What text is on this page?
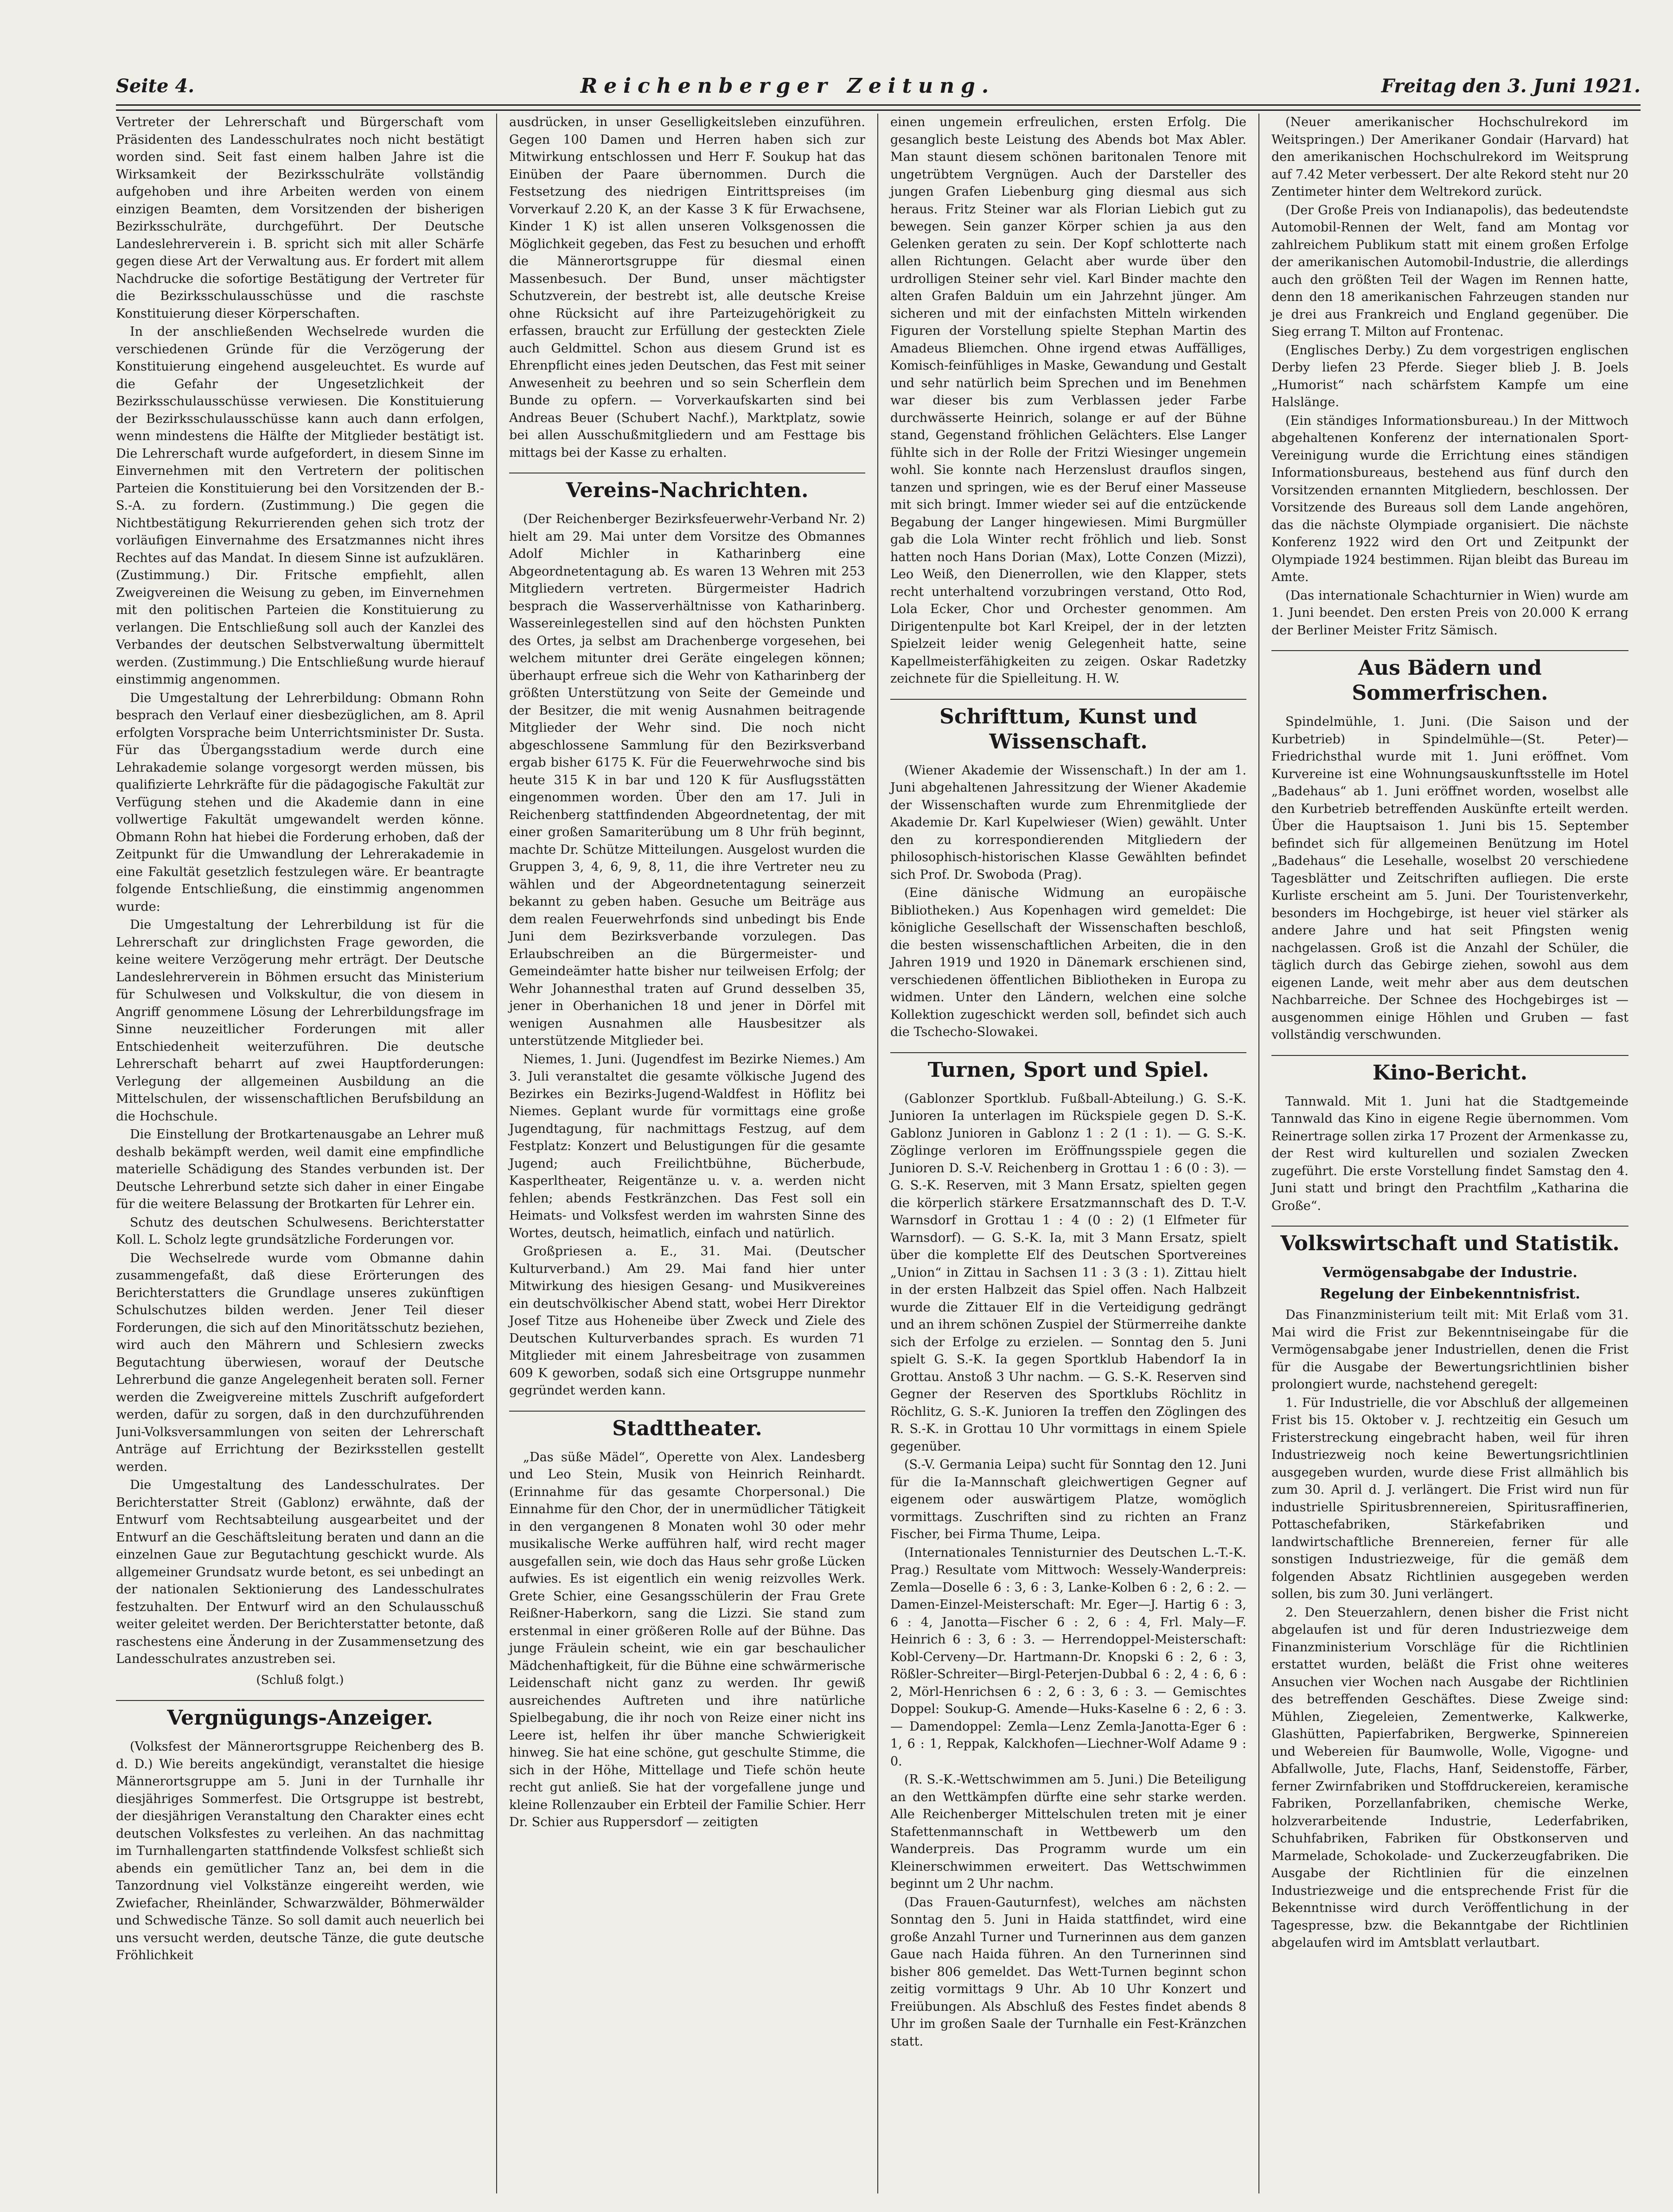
Seite 4.	Reichenberger Zeitung.	Freitag den 3. Juni 1921.

Vertreter der Lehrerschaft und Bürgerschaft vom Präsidenten des Landesschulrates noch nicht bestätigt worden sind. Seit fast einem halben Jahre ist die Wirksamkeit der Bezirksschulräte vollständig aufgehoben und ihre Arbeiten werden von einem einzigen Beamten, dem Vorsitzenden der bisherigen Bezirksschulräte, durchgeführt. Der Deutsche Landeslehrerverein i. B. spricht sich mit aller Schärfe gegen diese Art der Verwaltung aus. Er fordert mit allem Nachdrucke die sofortige Bestätigung der Vertreter für die Bezirksschulausschüsse und die raschste Konstituierung dieser Körperschaften.

In der anschließenden Wechselrede wurden die verschiedenen Gründe für die Verzögerung der Konstituierung eingehend ausgeleuchtet. Es wurde auf die Gefahr der Ungesetzlichkeit der Bezirksschulausschüsse verwiesen. Die Konstituierung der Bezirksschulausschüsse kann auch dann erfolgen, wenn mindestens die Hälfte der Mitglieder bestätigt ist. Die Lehrerschaft wurde aufgefordert, in diesem Sinne im Einvernehmen mit den Vertretern der politischen Parteien die Konstituierung bei den Vorsitzenden der B.-S.-A. zu fordern. (Zustimmung.) Die gegen die Nichtbestätigung Rekurrierenden gehen sich trotz der vorläufigen Einvernahme des Ersatzmannes nicht ihres Rechtes auf das Mandat. In diesem Sinne ist aufzuklären. (Zustimmung.) Dir. Fritsche empfiehlt, allen Zweigvereinen die Weisung zu geben, im Einvernehmen mit den politischen Parteien die Konstituierung zu verlangen. Die Entschließung soll auch der Kanzlei des Verbandes der deutschen Selbstverwaltung übermittelt werden. (Zustimmung.) Die Entschließung wurde hierauf einstimmig angenommen.

Die Umgestaltung der Lehrerbildung: Obmann Rohn besprach den Verlauf einer diesbezüglichen, am 8. April erfolgten Vorsprache beim Unterrichtsminister Dr. Susta. Für das Übergangsstadium werde durch eine Lehrakademie solange vorgesorgt werden müssen, bis qualifizierte Lehrkräfte für die pädagogische Fakultät zur Verfügung stehen und die Akademie dann in eine vollwertige Fakultät umgewandelt werden könne. Obmann Rohn hat hiebei die Forderung erhoben, daß der Zeitpunkt für die Umwandlung der Lehrerakademie in eine Fakultät gesetzlich festzulegen wäre. Er beantragte folgende Entschließung, die einstimmig angenommen wurde:

Die Umgestaltung der Lehrerbildung ist für die Lehrerschaft zur dringlichsten Frage geworden, die keine weitere Verzögerung mehr erträgt. Der Deutsche Landeslehrerverein in Böhmen ersucht das Ministerium für Schulwesen und Volkskultur, die von diesem in Angriff genommene Lösung der Lehrerbildungsfrage im Sinne neuzeitlicher Forderungen mit aller Entschiedenheit weiterzuführen. Die deutsche Lehrerschaft beharrt auf zwei Hauptforderungen: Verlegung der allgemeinen Ausbildung an die Mittelschulen, der wissenschaftlichen Berufsbildung an die Hochschule.

Die Einstellung der Brotkartenausgabe an Lehrer muß deshalb bekämpft werden, weil damit eine empfindliche materielle Schädigung des Standes verbunden ist. Der Deutsche Lehrerbund setzte sich daher in einer Eingabe für die weitere Belassung der Brotkarten für Lehrer ein.

Schutz des deutschen Schulwesens. Berichterstatter Koll. L. Scholz legte grundsätzliche Forderungen vor.

Die Wechselrede wurde vom Obmanne dahin zusammengefaßt, daß diese Erörterungen des Berichterstatters die Grundlage unseres zukünftigen Schulschutzes bilden werden. Jener Teil dieser Forderungen, die sich auf den Minoritätsschutz beziehen, wird auch den Mährern und Schlesiern zwecks Begutachtung überwiesen, worauf der Deutsche Lehrerbund die ganze Angelegenheit beraten soll. Ferner werden die Zweigvereine mittels Zuschrift aufgefordert werden, dafür zu sorgen, daß in den durchzuführenden Juni-Volksversammlungen von seiten der Lehrerschaft Anträge auf Errichtung der Bezirksstellen gestellt werden.

Die Umgestaltung des Landesschulrates. Der Berichterstatter Streit (Gablonz) erwähnte, daß der Entwurf vom Rechtsabteilung ausgearbeitet und der Entwurf an die Geschäftsleitung beraten und dann an die einzelnen Gaue zur Begutachtung geschickt wurde. Als allgemeiner Grundsatz wurde betont, es sei unbedingt an der nationalen Sektionierung des Landesschulrates festzuhalten. Der Entwurf wird an den Schulausschuß weiter geleitet werden. Der Berichterstatter betonte, daß raschestens eine Änderung in der Zusammensetzung des Landesschulrates anzustreben sei.

(Schluß folgt.)
Vergnügungs-Anzeiger.

(Volksfest der Männerortsgruppe Reichenberg des B. d. D.) Wie bereits angekündigt, veranstaltet die hiesige Männerortsgruppe am 5. Juni in der Turnhalle ihr diesjähriges Sommerfest. Die Ortsgruppe ist bestrebt, der diesjährigen Veranstaltung den Charakter eines echt deutschen Volksfestes zu verleihen. An das nachmittag im Turnhallengarten stattfindende Volksfest schließt sich abends ein gemütlicher Tanz an, bei dem in die Tanzordnung viel Volkstänze eingereiht werden, wie Zwiefacher, Rheinländer, Schwarzwälder, Böhmerwälder und Schwedische Tänze. So soll damit auch neuerlich bei uns versucht werden, deutsche Tänze, die gute deutsche Fröhlichkeit

ausdrücken, in unser Geselligkeitsleben einzuführen. Gegen 100 Damen und Herren haben sich zur Mitwirkung entschlossen und Herr F. Soukup hat das Einüben der Paare übernommen. Durch die Festsetzung des niedrigen Eintrittspreises (im Vorverkauf 2.20 K, an der Kasse 3 K für Erwachsene, Kinder 1 K) ist allen unseren Volksgenossen die Möglichkeit gegeben, das Fest zu besuchen und erhofft die Männerortsgruppe für diesmal einen Massenbesuch. Der Bund, unser mächtigster Schutzverein, der bestrebt ist, alle deutsche Kreise ohne Rücksicht auf ihre Parteizugehörigkeit zu erfassen, braucht zur Erfüllung der gesteckten Ziele auch Geldmittel. Schon aus diesem Grund ist es Ehrenpflicht eines jeden Deutschen, das Fest mit seiner Anwesenheit zu beehren und so sein Scherflein dem Bunde zu opfern. — Vorverkaufskarten sind bei Andreas Beuer (Schubert Nachf.), Marktplatz, sowie bei allen Ausschußmitgliedern und am Festtage bis mittags bei der Kasse zu erhalten.

Vereins-Nachrichten.

(Der Reichenberger Bezirksfeuerwehr-Verband Nr. 2) hielt am 29. Mai unter dem Vorsitze des Obmannes Adolf Michler in Katharinberg eine Abgeordnetentagung ab. Es waren 13 Wehren mit 253 Mitgliedern vertreten. Bürgermeister Hadrich besprach die Wasserverhältnisse von Katharinberg. Wassereinlegestellen sind auf den höchsten Punkten des Ortes, ja selbst am Drachenberge vorgesehen, bei welchem mitunter drei Geräte eingelegen können; überhaupt erfreue sich die Wehr von Katharinberg der größten Unterstützung von Seite der Gemeinde und der Besitzer, die mit wenig Ausnahmen beitragende Mitglieder der Wehr sind. Die noch nicht abgeschlossene Sammlung für den Bezirksverband ergab bisher 6175 K. Für die Feuerwehrwoche sind bis heute 315 K in bar und 120 K für Ausflugsstätten eingenommen worden. Über den am 17. Juli in Reichenberg stattfindenden Abgeordnetentag, der mit einer großen Samariterübung um 8 Uhr früh beginnt, machte Dr. Schütze Mitteilungen. Ausgelost wurden die Gruppen 3, 4, 6, 9, 8, 11, die ihre Vertreter neu zu wählen und der Abgeordnetentagung seinerzeit bekannt zu geben haben. Gesuche um Beiträge aus dem realen Feuerwehrfonds sind unbedingt bis Ende Juni dem Bezirksverbande vorzulegen. Das Erlaubschreiben an die Bürgermeister- und Gemeindeämter hatte bisher nur teilweisen Erfolg; der Wehr Johannesthal traten auf Grund desselben 35, jener in Oberhanichen 18 und jener in Dörfel mit wenigen Ausnahmen alle Hausbesitzer als unterstützende Mitglieder bei.

Niemes, 1. Juni. (Jugendfest im Bezirke Niemes.) Am 3. Juli veranstaltet die gesamte völkische Jugend des Bezirkes ein Bezirks-Jugend-Waldfest in Höflitz bei Niemes. Geplant wurde für vormittags eine große Jugendtagung, für nachmittags Festzug, auf dem Festplatz: Konzert und Belustigungen für die gesamte Jugend; auch Freilichtbühne, Bücherbude, Kasperltheater, Reigentänze u. v. a. werden nicht fehlen; abends Festkränzchen. Das Fest soll ein Heimats- und Volksfest werden im wahrsten Sinne des Wortes, deutsch, heimatlich, einfach und natürlich.

Großpriesen a. E., 31. Mai. (Deutscher Kulturverband.) Am 29. Mai fand hier unter Mitwirkung des hiesigen Gesang- und Musikvereines ein deutschvölkischer Abend statt, wobei Herr Direktor Josef Titze aus Hoheneibe über Zweck und Ziele des Deutschen Kulturverbandes sprach. Es wurden 71 Mitglieder mit einem Jahresbeitrage von zusammen 609 K geworben, sodaß sich eine Ortsgruppe nunmehr gegründet werden kann.

Stadttheater.

„Das süße Mädel“, Operette von Alex. Landesberg und Leo Stein, Musik von Heinrich Reinhardt. (Erinnahme für das gesamte Chorpersonal.) Die Einnahme für den Chor, der in unermüdlicher Tätigkeit in den vergangenen 8 Monaten wohl 30 oder mehr musikalische Werke aufführen half, wird recht mager ausgefallen sein, wie doch das Haus sehr große Lücken aufwies. Es ist eigentlich ein wenig reizvolles Werk. Grete Schier, eine Gesangsschülerin der Frau Grete Reißner-Haberkorn, sang die Lizzi. Sie stand zum erstenmal in einer größeren Rolle auf der Bühne. Das junge Fräulein scheint, wie ein gar beschaulicher Mädchenhaftigkeit, für die Bühne eine schwärmerische Leidenschaft nicht ganz zu werden. Ihr gewiß ausreichendes Auftreten und ihre natürliche Spielbegabung, die ihr noch von Reize einer nicht ins Leere ist, helfen ihr über manche Schwierigkeit hinweg. Sie hat eine schöne, gut geschulte Stimme, die sich in der Höhe, Mittellage und Tiefe schön heute recht gut anließ. Sie hat der vorgefallene junge und kleine Rollenzauber ein Erbteil der Familie Schier. Herr Dr. Schier aus Ruppersdorf — zeitigten

einen ungemein erfreulichen, ersten Erfolg. Die gesanglich beste Leistung des Abends bot Max Abler. Man staunt diesem schönen baritonalen Tenore mit ungetrübtem Vergnügen. Auch der Darsteller des jungen Grafen Liebenburg ging diesmal aus sich heraus. Fritz Steiner war als Florian Liebich gut zu bewegen. Sein ganzer Körper schien ja aus den Gelenken geraten zu sein. Der Kopf schlotterte nach allen Richtungen. Gelacht aber wurde über den urdrolligen Steiner sehr viel. Karl Binder machte den alten Grafen Balduin um ein Jahrzehnt jünger. Am sicheren und mit der einfachsten Mitteln wirkenden Figuren der Vorstellung spielte Stephan Martin des Amadeus Bliemchen. Ohne irgend etwas Auffälliges, Komisch-feinfühliges in Maske, Gewandung und Gestalt und sehr natürlich beim Sprechen und im Benehmen war dieser bis zum Verblassen jeder Farbe durchwässerte Heinrich, solange er auf der Bühne stand, Gegenstand fröhlichen Gelächters. Else Langer fühlte sich in der Rolle der Fritzi Wiesinger ungemein wohl. Sie konnte nach Herzenslust drauflos singen, tanzen und springen, wie es der Beruf einer Masseuse mit sich bringt. Immer wieder sei auf die entzückende Begabung der Langer hingewiesen. Mimi Burgmüller gab die Lola Winter recht fröhlich und lieb. Sonst hatten noch Hans Dorian (Max), Lotte Conzen (Mizzi), Leo Weiß, den Dienerrollen, wie den Klapper, stets recht unterhaltend vorzubringen verstand, Otto Rod, Lola Ecker, Chor und Orchester genommen. Am Dirigentenpulte bot Karl Kreipel, der in der letzten Spielzeit leider wenig Gelegenheit hatte, seine Kapellmeisterfähigkeiten zu zeigen. Oskar Radetzky zeichnete für die Spielleitung. H. W.

Schrifttum, Kunst und Wissenschaft.

(Wiener Akademie der Wissenschaft.) In der am 1. Juni abgehaltenen Jahressitzung der Wiener Akademie der Wissenschaften wurde zum Ehrenmitgliede der Akademie Dr. Karl Kupelwieser (Wien) gewählt. Unter den zu korrespondierenden Mitgliedern der philosophisch-historischen Klasse Gewählten befindet sich Prof. Dr. Swoboda (Prag).

(Eine dänische Widmung an europäische Bibliotheken.) Aus Kopenhagen wird gemeldet: Die königliche Gesellschaft der Wissenschaften beschloß, die besten wissenschaftlichen Arbeiten, die in den Jahren 1919 und 1920 in Dänemark erschienen sind, verschiedenen öffentlichen Bibliotheken in Europa zu widmen. Unter den Ländern, welchen eine solche Kollektion zugeschickt werden soll, befindet sich auch die Tschecho-Slowakei.

Turnen, Sport und Spiel.

(Gablonzer Sportklub. Fußball-Abteilung.) G. S.-K. Junioren Ia unterlagen im Rückspiele gegen D. S.-K. Gablonz Junioren in Gablonz 1 : 2 (1 : 1). — G. S.-K. Zöglinge verloren im Eröffnungsspiele gegen die Junioren D. S.-V. Reichenberg in Grottau 1 : 6 (0 : 3). — G. S.-K. Reserven, mit 3 Mann Ersatz, spielten gegen die körperlich stärkere Ersatzmannschaft des D. T.-V. Warnsdorf in Grottau 1 : 4 (0 : 2) (1 Elfmeter für Warnsdorf). — G. S.-K. Ia, mit 3 Mann Ersatz, spielt über die komplette Elf des Deutschen Sportvereines „Union“ in Zittau in Sachsen 11 : 3 (3 : 1). Zittau hielt in der ersten Halbzeit das Spiel offen. Nach Halbzeit wurde die Zittauer Elf in die Verteidigung gedrängt und an ihrem schönen Zuspiel der Stürmerreihe dankte sich der Erfolge zu erzielen. — Sonntag den 5. Juni spielt G. S.-K. Ia gegen Sportklub Habendorf Ia in Grottau. Anstoß 3 Uhr nachm. — G. S.-K. Reserven sind Gegner der Reserven des Sportklubs Röchlitz in Röchlitz, G. S.-K. Junioren Ia treffen den Zöglingen des R. S.-K. in Grottau 10 Uhr vormittags in einem Spiele gegenüber.

(S.-V. Germania Leipa) sucht für Sonntag den 12. Juni für die Ia-Mannschaft gleichwertigen Gegner auf eigenem oder auswärtigem Platze, womöglich vormittags. Zuschriften sind zu richten an Franz Fischer, bei Firma Thume, Leipa.

(Internationales Tennisturnier des Deutschen L.-T.-K. Prag.) Resultate vom Mittwoch: Wessely-Wanderpreis: Zemla—Doselle 6 : 3, 6 : 3, Lanke-Kolben 6 : 2, 6 : 2. — Damen-Einzel-Meisterschaft: Mr. Eger—J. Hartig 6 : 3, 6 : 4, Janotta—Fischer 6 : 2, 6 : 4, Frl. Maly—F. Heinrich 6 : 3, 6 : 3. — Herrendoppel-Meisterschaft: Kobl-Cerveny—Dr. Hartmann-Dr. Knopski 6 : 2, 6 : 3, Rößler-Schreiter—Birgl-Peterjen-Dubbal 6 : 2, 4 : 6, 6 : 2, Mörl-Henrichsen 6 : 2, 6 : 3, 6 : 3. — Gemischtes Doppel: Soukup-G. Amende—Huks-Kaselne 6 : 2, 6 : 3. — Damendoppel: Zemla—Lenz Zemla-Janotta-Eger 6 : 1, 6 : 1, Reppak, Kalckhofen—Liechner-Wolf Adame 9 : 0.

(R. S.-K.-Wettschwimmen am 5. Juni.) Die Beteiligung an den Wettkämpfen dürfte eine sehr starke werden. Alle Reichenberger Mittelschulen treten mit je einer Stafettenmannschaft in Wettbewerb um den Wanderpreis. Das Programm wurde um ein Kleinerschwimmen erweitert. Das Wettschwimmen beginnt um 2 Uhr nachm.

(Das Frauen-Gauturnfest), welches am nächsten Sonntag den 5. Juni in Haida stattfindet, wird eine große Anzahl Turner und Turnerinnen aus dem ganzen Gaue nach Haida führen. An den Turnerinnen sind bisher 806 gemeldet. Das Wett-Turnen beginnt schon zeitig vormittags 9 Uhr. Ab 10 Uhr Konzert und Freiübungen. Als Abschluß des Festes findet abends 8 Uhr im großen Saale der Turnhalle ein Fest-Kränzchen statt.

(Neuer amerikanischer Hochschulrekord im Weitspringen.) Der Amerikaner Gondair (Harvard) hat den amerikanischen Hochschulrekord im Weitsprung auf 7.42 Meter verbessert. Der alte Rekord steht nur 20 Zentimeter hinter dem Weltrekord zurück.

(Der Große Preis von Indianapolis), das bedeutendste Automobil-Rennen der Welt, fand am Montag vor zahlreichem Publikum statt mit einem großen Erfolge der amerikanischen Automobil-Industrie, die allerdings auch den größten Teil der Wagen im Rennen hatte, denn den 18 amerikanischen Fahrzeugen standen nur je drei aus Frankreich und England gegenüber. Die Sieg errang T. Milton auf Frontenac.

(Englisches Derby.) Zu dem vorgestrigen englischen Derby liefen 23 Pferde. Sieger blieb J. B. Joels „Humorist“ nach schärfstem Kampfe um eine Halslänge.

(Ein ständiges Informationsbureau.) In der Mittwoch abgehaltenen Konferenz der internationalen Sport-Vereinigung wurde die Errichtung eines ständigen Informationsbureaus, bestehend aus fünf durch den Vorsitzenden ernannten Mitgliedern, beschlossen. Der Vorsitzende des Bureaus soll dem Lande angehören, das die nächste Olympiade organisiert. Die nächste Konferenz 1922 wird den Ort und Zeitpunkt der Olympiade 1924 bestimmen. Rijan bleibt das Bureau im Amte.

(Das internationale Schachturnier in Wien) wurde am 1. Juni beendet. Den ersten Preis von 20.000 K errang der Berliner Meister Fritz Sämisch.

Aus Bädern und Sommerfrischen.

Spindelmühle, 1. Juni. (Die Saison und der Kurbetrieb) in Spindelmühle—(St. Peter)—Friedrichsthal wurde mit 1. Juni eröffnet. Vom Kurvereine ist eine Wohnungsauskunftsstelle im Hotel „Badehaus“ ab 1. Juni eröffnet worden, woselbst alle den Kurbetrieb betreffenden Auskünfte erteilt werden. Über die Hauptsaison 1. Juni bis 15. September befindet sich für allgemeinen Benützung im Hotel „Badehaus“ die Lesehalle, woselbst 20 verschiedene Tagesblätter und Zeitschriften aufliegen. Die erste Kurliste erscheint am 5. Juni. Der Touristenverkehr, besonders im Hochgebirge, ist heuer viel stärker als andere Jahre und hat seit Pfingsten wenig nachgelassen. Groß ist die Anzahl der Schüler, die täglich durch das Gebirge ziehen, sowohl aus dem eigenen Lande, weit mehr aber aus dem deutschen Nachbarreiche. Der Schnee des Hochgebirges ist — ausgenommen einige Höhlen und Gruben — fast vollständig verschwunden.

Kino-Bericht.

Tannwald. Mit 1. Juni hat die Stadtgemeinde Tannwald das Kino in eigene Regie übernommen. Vom Reinertrage sollen zirka 17 Prozent der Armenkasse zu, der Rest wird kulturellen und sozialen Zwecken zugeführt. Die erste Vorstellung findet Samstag den 4. Juni statt und bringt den Prachtfilm „Katharina die Große“.

Volkswirtschaft und Statistik.
Vermögensabgabe der Industrie.
Regelung der Einbekenntnisfrist.

Das Finanzministerium teilt mit: Mit Erlaß vom 31. Mai wird die Frist zur Bekenntniseingabe für die Vermögensabgabe jener Industriellen, denen die Frist für die Ausgabe der Bewertungsrichtlinien bisher prolongiert wurde, nachstehend geregelt:

1. Für Industrielle, die vor Abschluß der allgemeinen Frist bis 15. Oktober v. J. rechtzeitig ein Gesuch um Fristerstreckung eingebracht haben, weil für ihren Industriezweig noch keine Bewertungsrichtlinien ausgegeben wurden, wurde diese Frist allmählich bis zum 30. April d. J. verlängert. Die Frist wird nun für industrielle Spiritusbrennereien, Spiritusraffinerien, Pottaschefabriken, Stärkefabriken und landwirtschaftliche Brennereien, ferner für alle sonstigen Industriezweige, für die gemäß dem folgenden Absatz Richtlinien ausgegeben werden sollen, bis zum 30. Juni verlängert.

2. Den Steuerzahlern, denen bisher die Frist nicht abgelaufen ist und für deren Industriezweige dem Finanzministerium Vorschläge für die Richtlinien erstattet wurden, beläßt die Frist ohne weiteres Ansuchen vier Wochen nach Ausgabe der Richtlinien des betreffenden Geschäftes. Diese Zweige sind: Mühlen, Ziegeleien, Zementwerke, Kalkwerke, Glashütten, Papierfabriken, Bergwerke, Spinnereien und Webereien für Baumwolle, Wolle, Vigogne- und Abfallwolle, Jute, Flachs, Hanf, Seidenstoffe, Färber, ferner Zwirnfabriken und Stoffdruckereien, keramische Fabriken, Porzellanfabriken, chemische Werke, holzverarbeitende Industrie, Lederfabriken, Schuhfabriken, Fabriken für Obstkonserven und Marmelade, Schokolade- und Zuckerzeugfabriken. Die Ausgabe der Richtlinien für die einzelnen Industriezweige und die entsprechende Frist für die Bekenntnisse wird durch Veröffentlichung in der Tagespresse, bzw. die Bekanntgabe der Richtlinien abgelaufen wird im Amtsblatt verlautbart.
